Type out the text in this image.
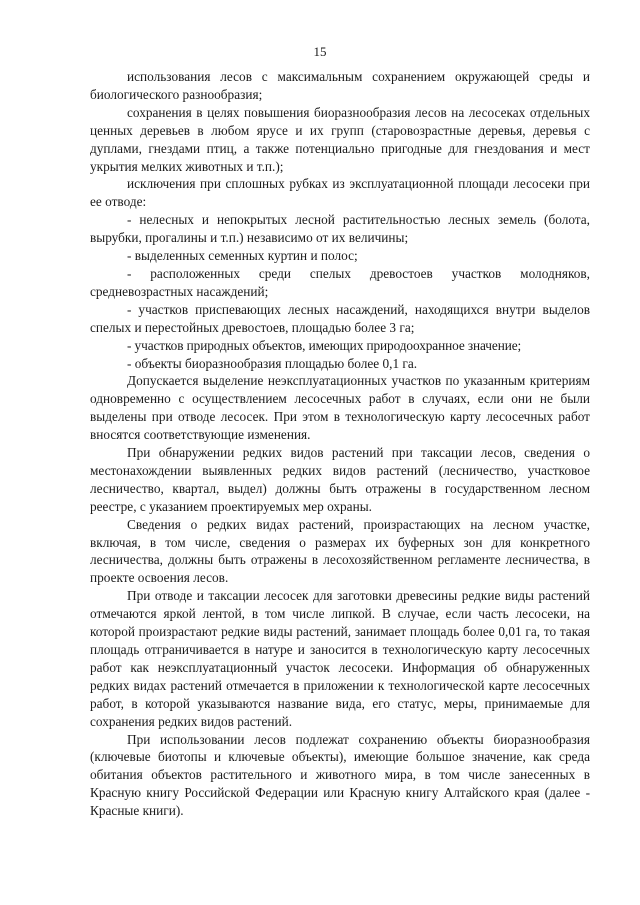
15

использования лесов с максимальным сохранением окружающей среды и биологического разнообразия;

сохранения в целях повышения биоразнообразия лесов на лесосеках отдельных ценных деревьев в любом ярусе и их групп (старовозрастные деревья, деревья с дуплами, гнездами птиц, а также потенциально пригодные для гнездования и мест укрытия мелких животных и т.п.);

исключения при сплошных рубках из эксплуатационной площади лесосеки при ее отводе:

- нелесных и непокрытых лесной растительностью лесных земель (болота, вырубки, прогалины и т.п.) независимо от их величины;

- выделенных семенных куртин и полос;

- расположенных среди спелых древостоев участков молодняков, средневозрастных насаждений;

- участков приспевающих лесных насаждений, находящихся внутри выделов спелых и перестойных древостоев, площадью более 3 га;

- участков природных объектов, имеющих природоохранное значение;

- объекты биоразнообразия площадью более 0,1 га.

Допускается выделение неэксплуатационных участков по указанным критериям одновременно с осуществлением лесосечных работ в случаях, если они не были выделены при отводе лесосек. При этом в технологическую карту лесосечных работ вносятся соответствующие изменения.

При обнаружении редких видов растений при таксации лесов, сведения о местонахождении выявленных редких видов растений (лесничество, участковое лесничество, квартал, выдел) должны быть отражены в государственном лесном реестре, с указанием проектируемых мер охраны.

Сведения о редких видах растений, произрастающих на лесном участке, включая, в том числе, сведения о размерах их буферных зон для конкретного лесничества, должны быть отражены в лесохозяйственном регламенте лесничества, в проекте освоения лесов.

При отводе и таксации лесосек для заготовки древесины редкие виды растений отмечаются яркой лентой, в том числе липкой. В случае, если часть лесосеки, на которой произрастают редкие виды растений, занимает площадь более 0,01 га, то такая площадь отграничивается в натуре и заносится в технологическую карту лесосечных работ как неэксплуатационный участок лесосеки. Информация об обнаруженных редких видах растений отмечается в приложении к технологической карте лесосечных работ, в которой указываются название вида, его статус, меры, принимаемые для сохранения редких видов растений.

При использовании лесов подлежат сохранению объекты биоразнообразия (ключевые биотопы и ключевые объекты), имеющие большое значение, как среда обитания объектов растительного и животного мира, в том числе занесенных в Красную книгу Российской Федерации или Красную книгу Алтайского края (далее - Красные книги).
